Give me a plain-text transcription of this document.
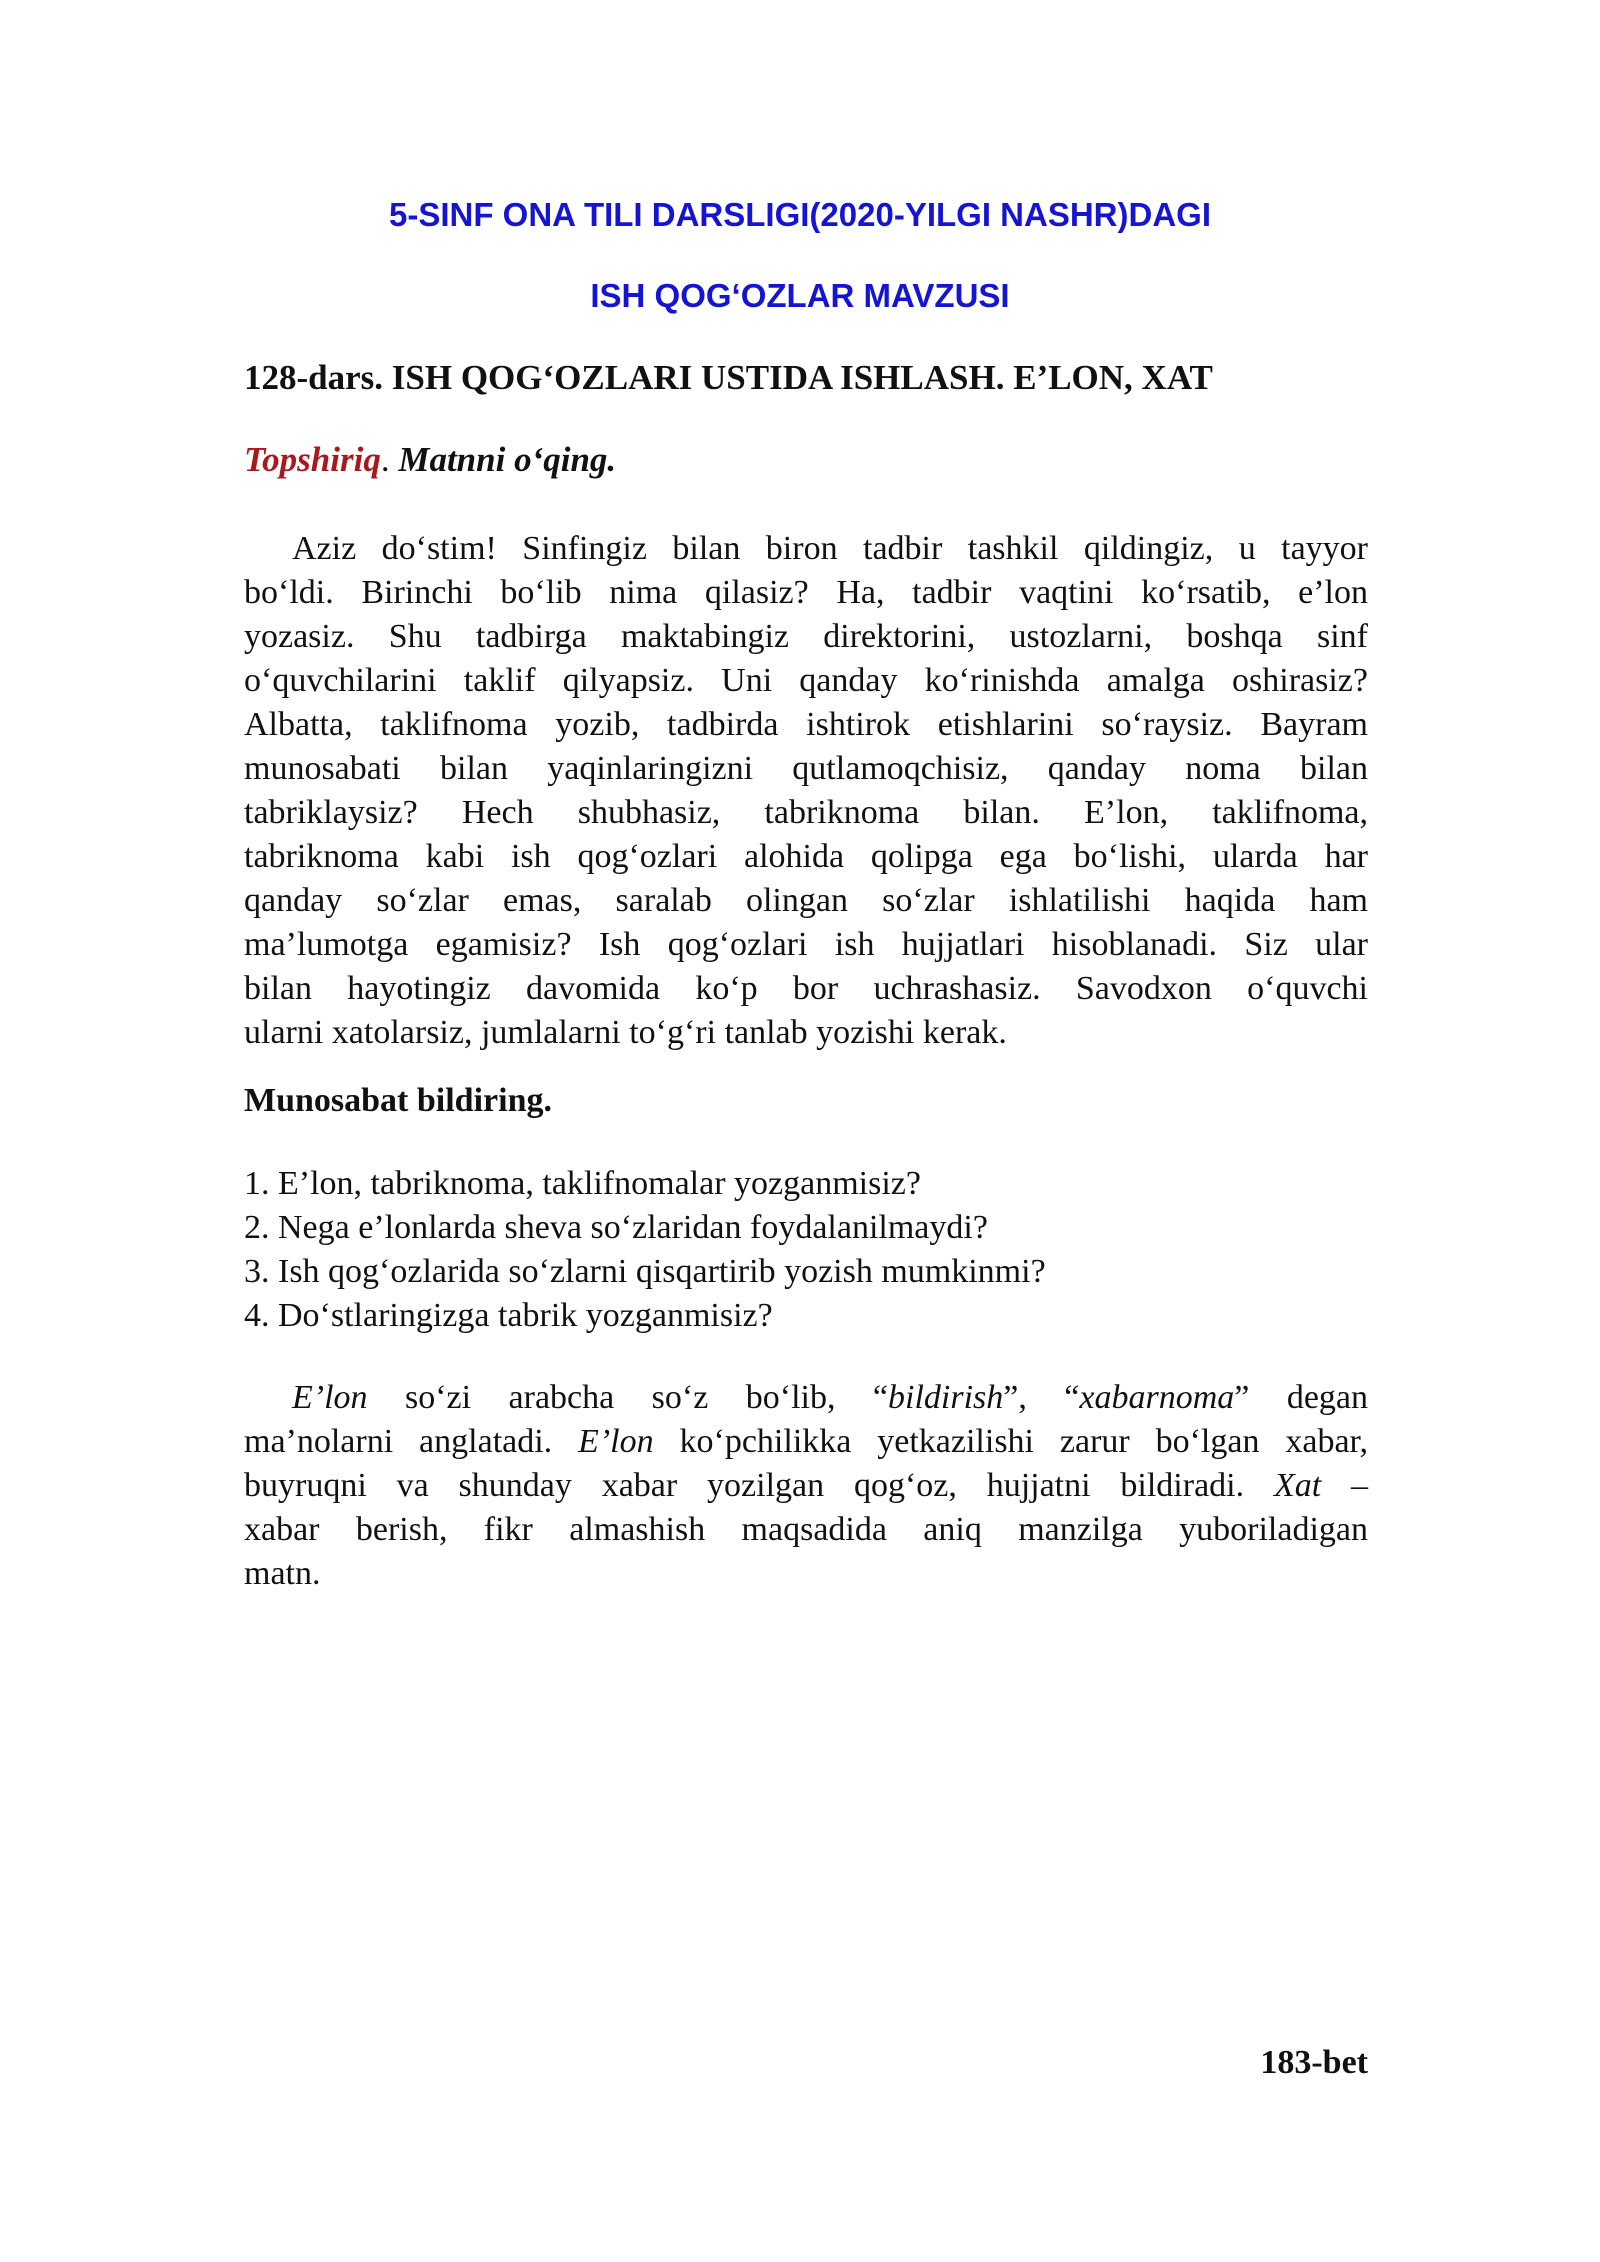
5-SINF ONA TILI DARSLIGI(2020-YILGI NASHR)DAGI
ISH QOG‘OZLAR MAVZUSI

128-dars. ISH QOG‘OZLARI USTIDA ISHLASH. E’LON, XAT

Topshiriq. Matnni o‘qing.

Aziz do‘stim! Sinfingiz bilan biron tadbir tashkil qildingiz, u tayyor
bo‘ldi. Birinchi bo‘lib nima qilasiz? Ha, tadbir vaqtini ko‘rsatib, e’lon
yozasiz. Shu tadbirga maktabingiz direktorini, ustozlarni, boshqa sinf
o‘quvchilarini taklif qilyapsiz. Uni qanday ko‘rinishda amalga oshirasiz?
Albatta, taklifnoma yozib, tadbirda ishtirok etishlarini so‘raysiz. Bayram
munosabati bilan yaqinlaringizni qutlamoqchisiz, qanday noma bilan
tabriklaysiz? Hech shubhasiz, tabriknoma bilan. E’lon, taklifnoma,
tabriknoma kabi ish qog‘ozlari alohida qolipga ega bo‘lishi, ularda har
qanday so‘zlar emas, saralab olingan so‘zlar ishlatilishi haqida ham
ma’lumotga egamisiz? Ish qog‘ozlari ish hujjatlari hisoblanadi. Siz ular
bilan hayotingiz davomida ko‘p bor uchrashasiz. Savodxon o‘quvchi
ularni xatolarsiz, jumlalarni to‘g‘ri tanlab yozishi kerak.

Munosabat bildiring.

1. E’lon, tabriknoma, taklifnomalar yozganmisiz?
2. Nega e’lonlarda sheva so‘zlaridan foydalanilmaydi?
3. Ish qog‘ozlarida so‘zlarni qisqartirib yozish mumkinmi?
4. Do‘stlaringizga tabrik yozganmisiz?
E’lon so‘zi arabcha so‘z bo‘lib, “bildirish”, “xabarnoma” degan
ma’nolarni anglatadi. E’lon ko‘pchilikka yetkazilishi zarur bo‘lgan xabar,
buyruqni va shunday xabar yozilgan qog‘oz, hujjatni bildiradi. Xat –
xabar berish, fikr almashish maqsadida aniq manzilga yuboriladigan
matn.

183-bet
